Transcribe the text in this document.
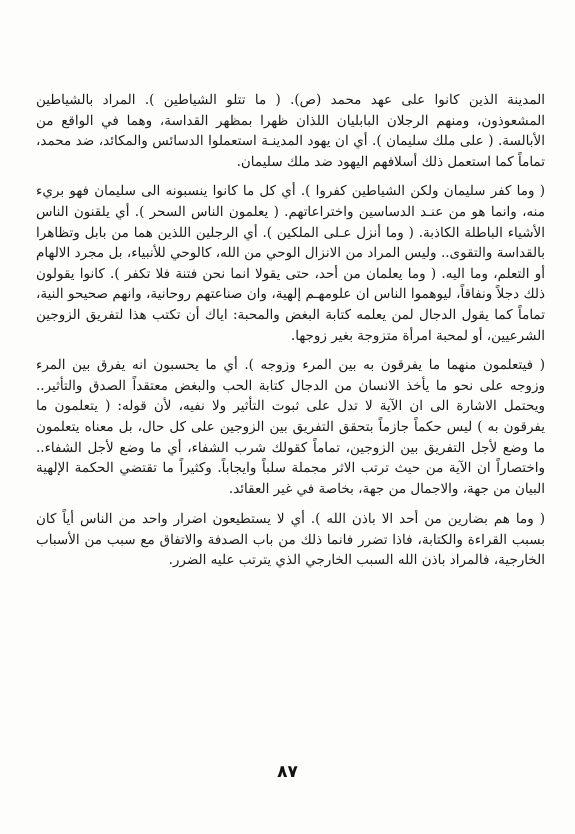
المدينة الذين كانوا على عهد محمد (ص). ( ما تتلو الشياطين ). المراد بالشياطين المشعوذون، ومنهم الرجلان البابليان اللذان ظهرا بمظهر القداسة، وهما في الواقع من الأبالسة. ( على ملك سليمان ). أي ان يهود المدينـة استعملوا الدسائس والمكائد، ضد محمد، تماماً كما استعمل ذلك أسلافهم اليهود ضد ملك سليمان.

( وما كفر سليمان ولكن الشياطين كفروا ). أي كل ما كانوا ينسبونه الى سليمان فهو بريء منه، وانما هو من عنـد الدساسين واختراعاتهم. ( يعلمون الناس السحر ). أي يلقنون الناس الأشياء الباطلة الكاذبة. ( وما أنزل عـلى الملكين ). أي الرجلين اللذين هما من بابل وتظاهرا بالقداسة والتقوى.. وليس المراد من الانزال الوحي من الله، كالوحي للأنبياء، بل مجرد الالهام أو التعلم، وما اليه. ( وما يعلمان من أحد، حتى يقولا انما نحن فتنة فلا تكفر ). كانوا يقولون ذلك دجلاً ونفاقاً، ليوهموا الناس ان علومهـم إلهية، وان صناعتهم روحانية، وانهم صحيحو النية، تماماً كما يقول الدجال لمن يعلمه كتابة البغض والمحبة: اياك أن تكتب هذا لتفريق الزوجين الشرعيين، أو لمحبة امرأة متزوجة بغير زوجها.

( فيتعلمون منهما ما يفرقون به بين المرء وزوجه ). أي ما يحسبون انه يفرق بين المرء وزوجه على نحو ما يأخذ الانسان من الدجال كتابة الحب والبغض معتقداً الصدق والتأثير.. ويحتمل الاشارة الى ان الآية لا تدل على ثبوت التأثير ولا نفيه، لأن قوله: ( يتعلمون ما يفرقون به ) ليس حكماً جازماً بتحقق التفريق بين الزوجين على كل حال، بل معناه يتعلمون ما وضع لأجل التفريق بين الزوجين، تماماً كقولك شرب الشفاء، أي ما وضع لأجل الشفاء.. واختصاراً ان الآية من حيث ترتب الاثر مجملة سلباً وايجاباً. وكثيراً ما تقتضي الحكمة الإلهية البيان من جهة، والاجمال من جهة، بخاصة في غير العقائد.

( وما هم بضارين من أحد الا باذن الله ). أي لا يستطيعون اضرار واحد من الناس أياً كان بسبب القراءة والكتابة، فاذا تضرر فانما ذلك من باب الصدفة والاتفاق مع سبب من الأسباب الخارجية، فالمراد باذن الله السبب الخارجي الذي يترتب عليه الضرر.

٨٧
